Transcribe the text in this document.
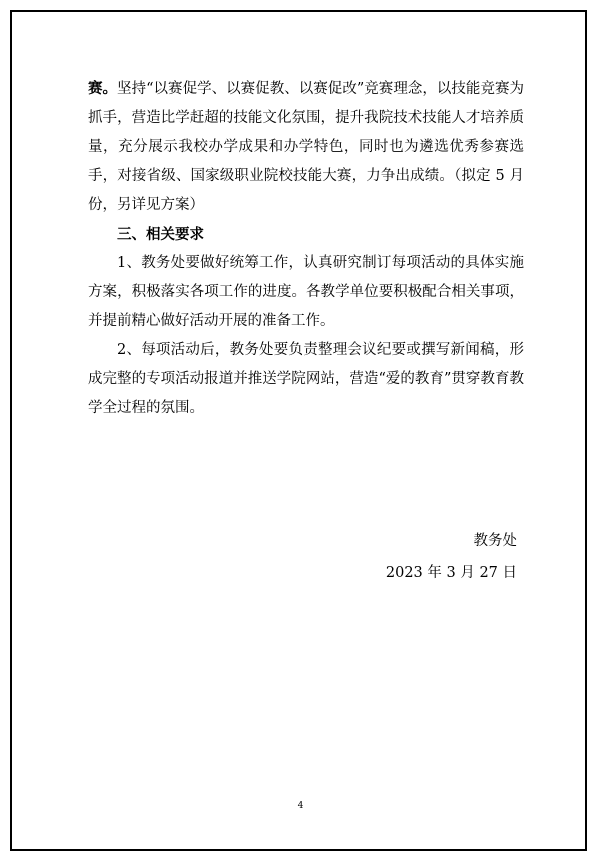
赛。坚持“以赛促学、以赛促教、以赛促改”竞赛理念，以技能竞赛为抓手，营造比学赶超的技能文化氛围，提升我院技术技能人才培养质量，充分展示我校办学成果和办学特色，同时也为遴选优秀参赛选手，对接省级、国家级职业院校技能大赛，力争出成绩。（拟定 5 月份，另详见方案）

三、相关要求

1、教务处要做好统筹工作，认真研究制订每项活动的具体实施方案，积极落实各项工作的进度。各教学单位要积极配合相关事项，并提前精心做好活动开展的准备工作。

2、每项活动后，教务处要负责整理会议纪要或撰写新闻稿，形成完整的专项活动报道并推送学院网站，营造“爱的教育”贯穿教育教学全过程的氛围。

教务处
2023 年 3 月 27 日
4
